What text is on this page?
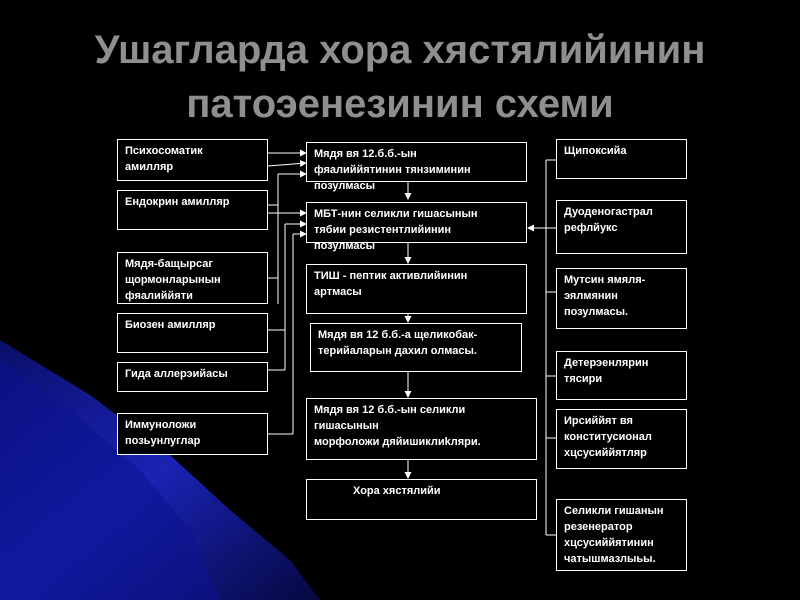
Ушагларда хора хястялийинин
патоэенезинин схеми
Психосоматик
амилляр
Ендокрин амилляр
Мядя-бащырсаг
щормонларынын
фяалиййяти
Биозен амилляр
Гида аллерэийасы
Иммуноложи
позьунлуглар
Мядя вя 12.б.б.-ын
фяалиййятинин тянзиминин
позулмасы
МБТ-нин селикли гишасынын
тябии резистентлийинин
позулмасы
ТИШ - пептик активлийинин
артмасы
Мядя вя 12 б.б.-а щеликобак-
терийаларын дахил олмасы.
Мядя вя 12 б.б.-ын селикли
гишасынын
морфоложи дяйишиклиkляри.
Хора хястялийи
Щипоксийа
Дуоденогастрал
рефлйукс
Мутсин ямяля-
эялмянин
позулмасы.
Детерэенлярин
тясири
Ирсиййят вя
конститусионал
хцсусиййятляр
Селикли гишанын
резенератор
хцсусиййятинин
чатышмазлыьы.
